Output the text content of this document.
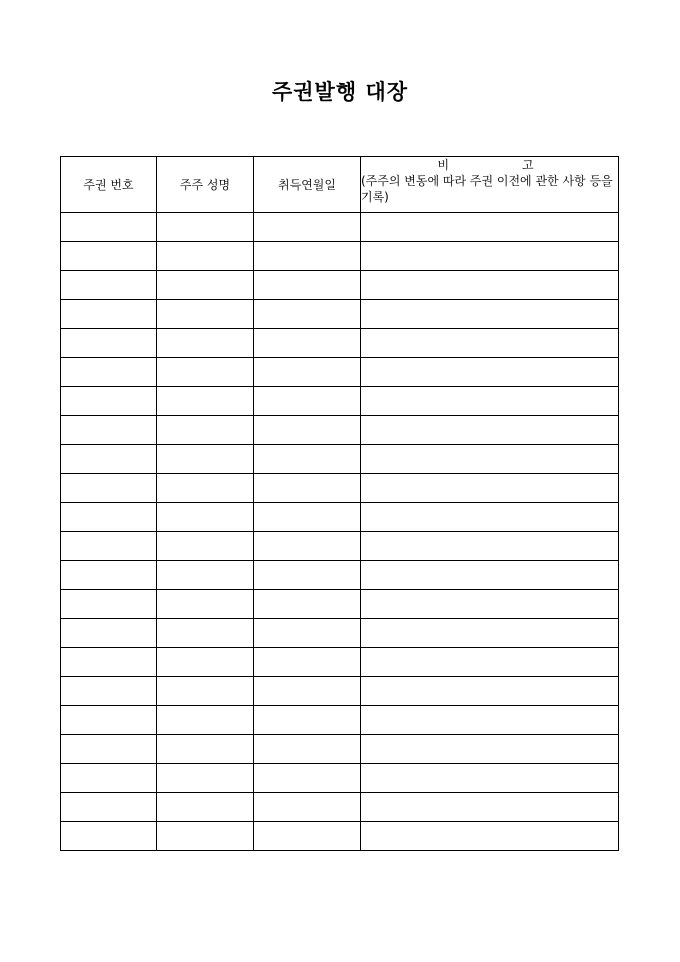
주권발행 대장
주권 번호	주주 성명	취득연월일	비 고
(주주의 변동에 따라 주권 이전에 관한 사항 등을 기록)
